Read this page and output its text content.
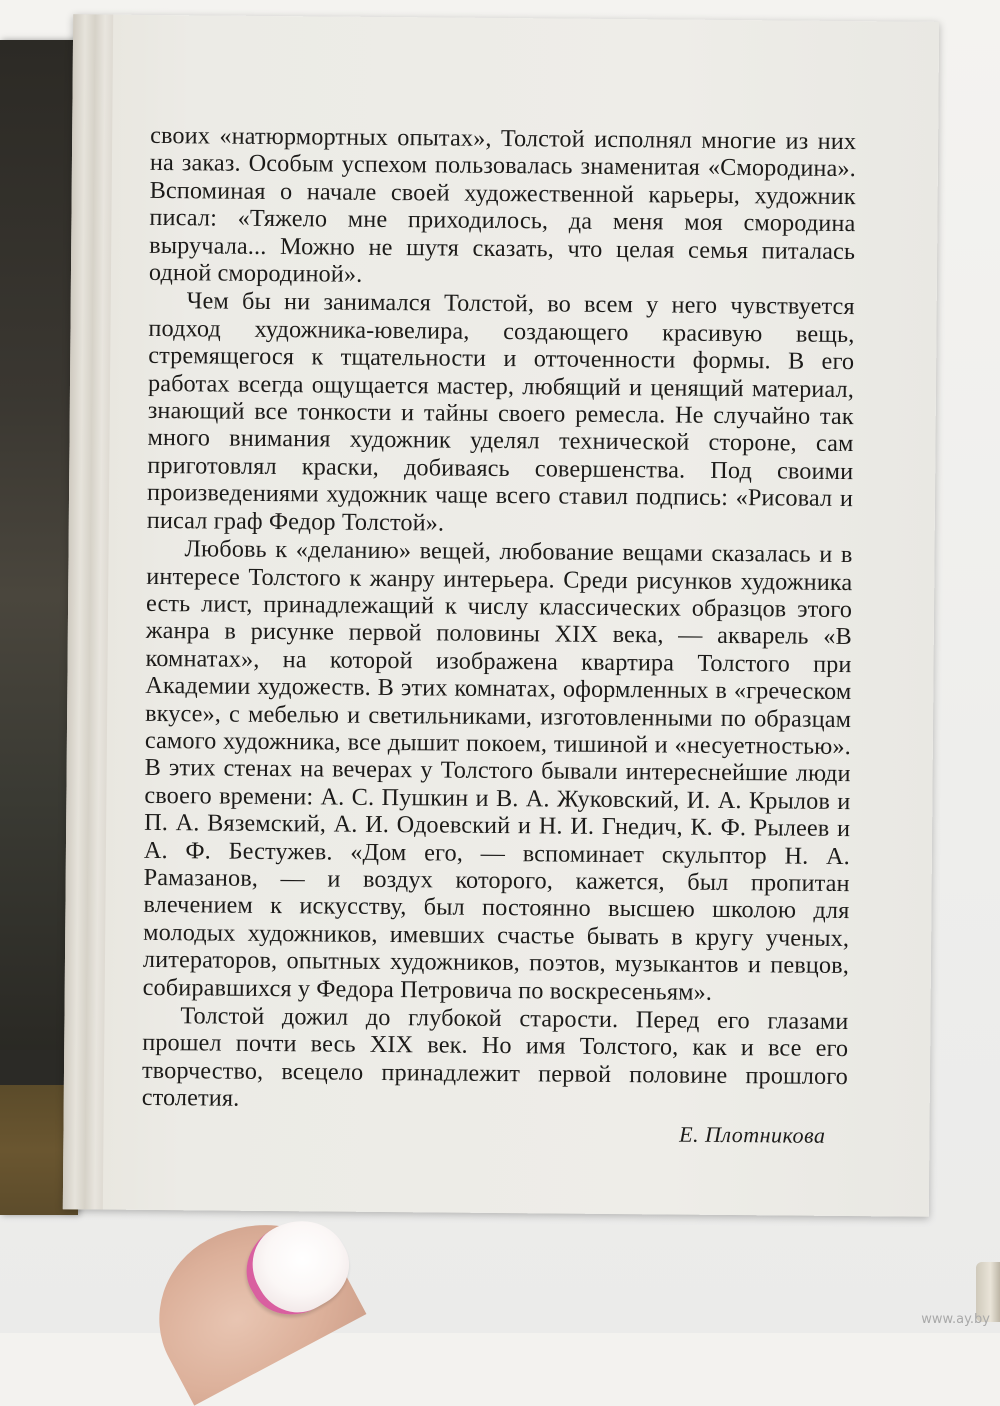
своих «натюрмортных опытах», Толстой исполнял многие из них на заказ. Особым успехом пользовалась знаменитая «Смородина». Вспоминая о начале своей художественной карьеры, художник писал: «Тяжело мне приходилось, да меня моя смородина выручала... Можно не шутя сказать, что целая семья питалась одной смородиной».

Чем бы ни занимался Толстой, во всем у него чувствуется подход художника-ювелира, создающего красивую вещь, стремящегося к тщательности и отточенности формы. В его работах всегда ощущается мастер, любящий и ценящий материал, знающий все тонкости и тайны своего ремесла. Не случайно так много внимания художник уделял технической стороне, сам приготовлял краски, добиваясь совершенства. Под своими произведениями художник чаще всего ставил подпись: «Рисовал и писал граф Федор Толстой».

Любовь к «деланию» вещей, любование вещами сказалась и в интересе Толстого к жанру интерьера. Среди рисунков художника есть лист, принадлежащий к числу классических образцов этого жанра в рисунке первой половины XIX века, — акварель «В комнатах», на которой изображена квартира Толстого при Академии художеств. В этих комнатах, оформленных в «греческом вкусе», с мебелью и светильниками, изготовленными по образцам самого художника, все дышит покоем, тишиной и «несуетностью». В этих стенах на вечерах у Толстого бывали интереснейшие люди своего времени: А. С. Пушкин и В. А. Жуковский, И. А. Крылов и П. А. Вяземский, А. И. Одоевский и Н. И. Гнедич, К. Ф. Рылеев и А. Ф. Бестужев. «Дом его, — вспоминает скульптор Н. А. Рамазанов, — и воздух которого, кажется, был пропитан влечением к искусству, был постоянно высшею школою для молодых художников, имевших счастье бывать в кругу ученых, литераторов, опытных художников, поэтов, музыкантов и певцов, собиравшихся у Федора Петровича по воскресеньям».

Толстой дожил до глубокой старости. Перед его глазами прошел почти весь XIX век. Но имя Толстого, как и все его творчество, всецело принадлежит первой половине прошлого столетия.

Е. Плотникова
www.ay.by
